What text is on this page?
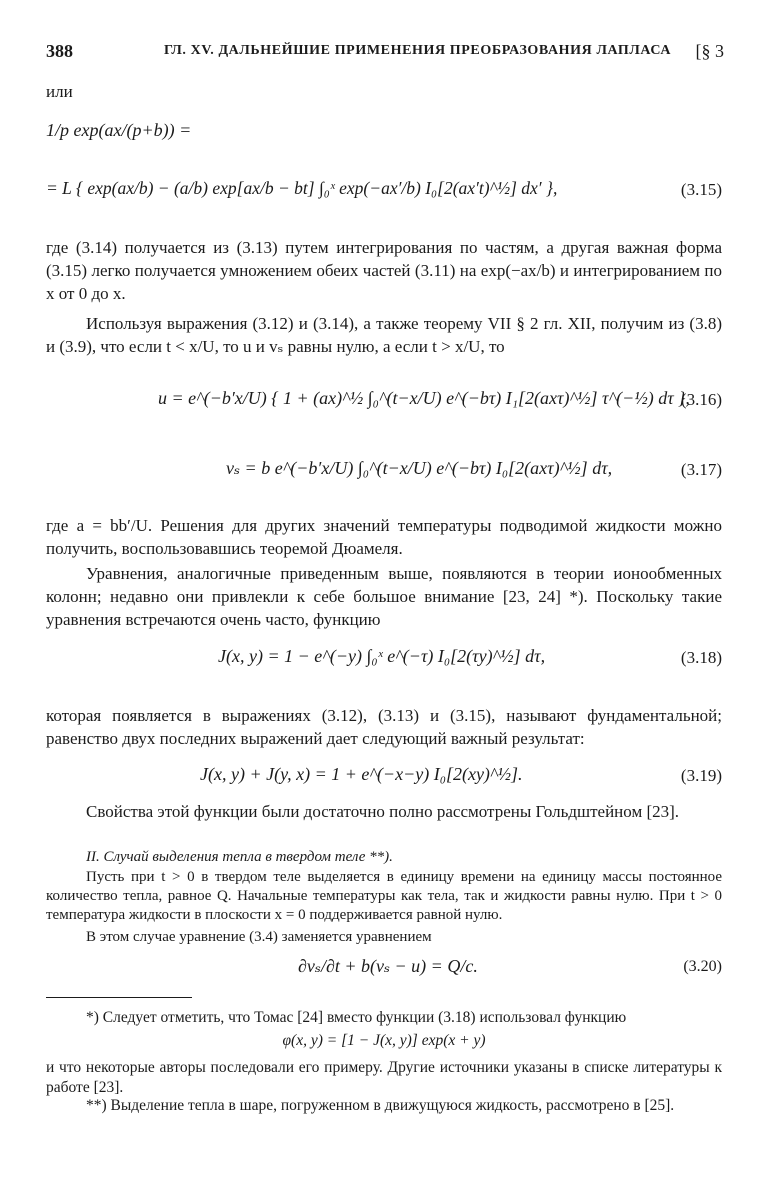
388	ГЛ. XV. ДАЛЬНЕЙШИЕ ПРИМЕНЕНИЯ ПРЕОБРАЗОВАНИЯ ЛАПЛАСА [§ 3

или

1/p exp(ax/(p+b)) =
= L { exp(ax/b) − (a/b) exp[ax/b − bt] ∫₀ˣ exp(−ax′/b) I₀[2(ax′t)^½] dx′ },	(3.15)

где (3.14) получается из (3.13) путем интегрирования по частям, а другая важная форма (3.15) легко получается умножением обеих частей (3.11) на exp(−ax/b) и интегрированием по x от 0 до x.

Используя выражения (3.12) и (3.14), а также теорему VII § 2 гл. XII, получим из (3.8) и (3.9), что если t < x/U, то u и vₛ равны нулю, а если t > x/U, то

u = e^(−b′x/U) { 1 + (ax)^½ ∫₀^(t−x/U) e^(−bτ) I₁[2(axτ)^½] τ^(−½) dτ },
(3.16)
vₛ = b e^(−b′x/U) ∫₀^(t−x/U) e^(−bτ) I₀[2(axτ)^½] dτ,	(3.17)

где a = bb′/U. Решения для других значений температуры подводимой жидкости можно получить, воспользовавшись теоремой Дюамеля.

Уравнения, аналогичные приведенным выше, появляются в теории ионообменных колонн; недавно они привлекли к себе большое внимание [23, 24] *). Поскольку такие уравнения встречаются очень часто, функцию

J(x, y) = 1 − e^(−y) ∫₀ˣ e^(−τ) I₀[2(τy)^½] dτ,	(3.18)

которая появляется в выражениях (3.12), (3.13) и (3.15), называют фундаментальной; равенство двух последних выражений дает следующий важный результат:

J(x, y) + J(y, x) = 1 + e^(−x−y) I₀[2(xy)^½].	(3.19)

Свойства этой функции были достаточно полно рассмотрены Гольдштейном [23].

II. Случай выделения тепла в твердом теле **).

Пусть при t > 0 в твердом теле выделяется в единицу времени на единицу массы постоянное количество тепла, равное Q. Начальные температуры как тела, так и жидкости равны нулю. При t > 0 температура жидкости в плоскости x = 0 поддерживается равной нулю.

В этом случае уравнение (3.4) заменяется уравнением

∂vₛ/∂t + b(vₛ − u) = Q/c.	(3.20)

*) Следует отметить, что Томас [24] вместо функции (3.18) использовал функцию

φ(x, y) = [1 − J(x, y)] exp(x + y)

и что некоторые авторы последовали его примеру. Другие источники указаны в списке литературы к работе [23].

**) Выделение тепла в шаре, погруженном в движущуюся жидкость, рассмотрено в [25].
